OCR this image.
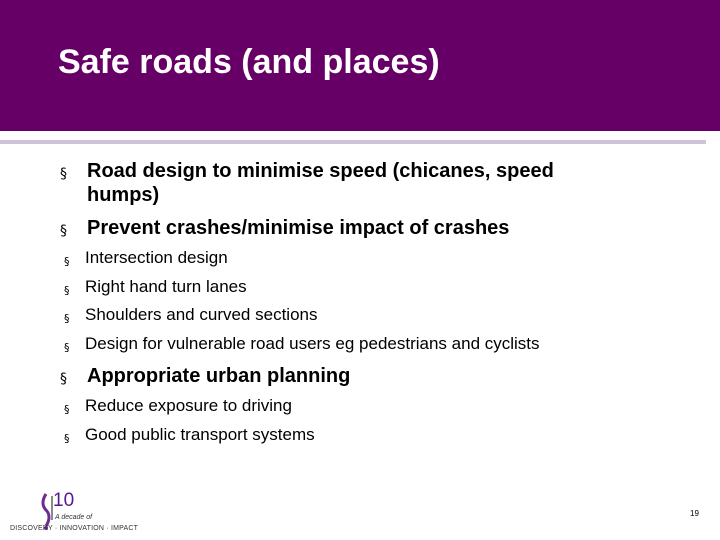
Safe roads (and places)
§ Road design to minimise speed (chicanes, speed
humps)
§ Prevent crashes/minimise impact of crashes
§ Intersection design
§ Right hand turn lanes
§ Shoulders and curved sections
§ Design for vulnerable road users eg pedestrians and cyclists
§ Appropriate urban planning
§ Reduce exposure to driving
§ Good public transport systems
10
A decade of
DISCOVERY · INNOVATION · IMPACT
19
